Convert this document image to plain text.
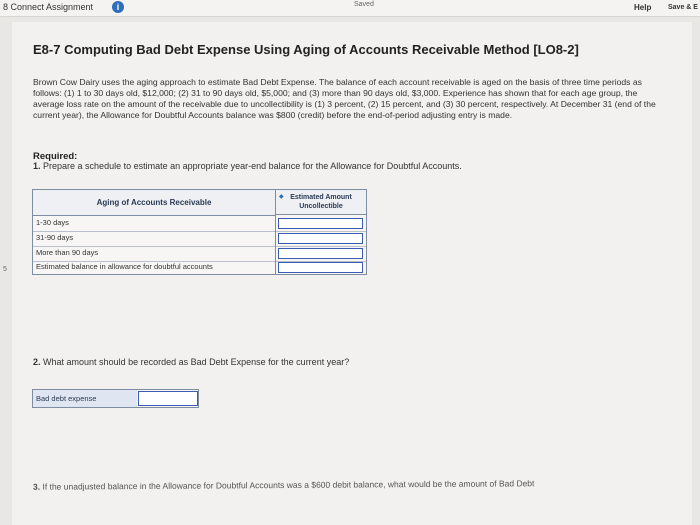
8 Connect Assignment	i	Saved	Help Save & E
5
E8-7 Computing Bad Debt Expense Using Aging of Accounts Receivable Method [LO8-2]
Brown Cow Dairy uses the aging approach to estimate Bad Debt Expense. The balance of each account receivable is aged on the basis of three time periods as follows: (1) 1 to 30 days old, $12,000; (2) 31 to 90 days old, $5,000; and (3) more than 90 days old, $3,000. Experience has shown that for each age group, the average loss rate on the amount of the receivable due to uncollectibility is (1) 3 percent, (2) 15 percent, and (3) 30 percent, respectively. At December 31 (end of the current year), the Allowance for Doubtful Accounts balance was $800 (credit) before the end-of-period adjusting entry is made.
Required:
1. Prepare a schedule to estimate an appropriate year-end balance for the Allowance for Doubtful Accounts.
Aging of Accounts Receivable
◆ Estimated Amount Uncollectible
1-30 days
31-90 days
More than 90 days
Estimated balance in allowance for doubtful accounts
2. What amount should be recorded as Bad Debt Expense for the current year?
Bad debt expense
3. If the unadjusted balance in the Allowance for Doubtful Accounts was a $600 debit balance, what would be the amount of Bad Debt
